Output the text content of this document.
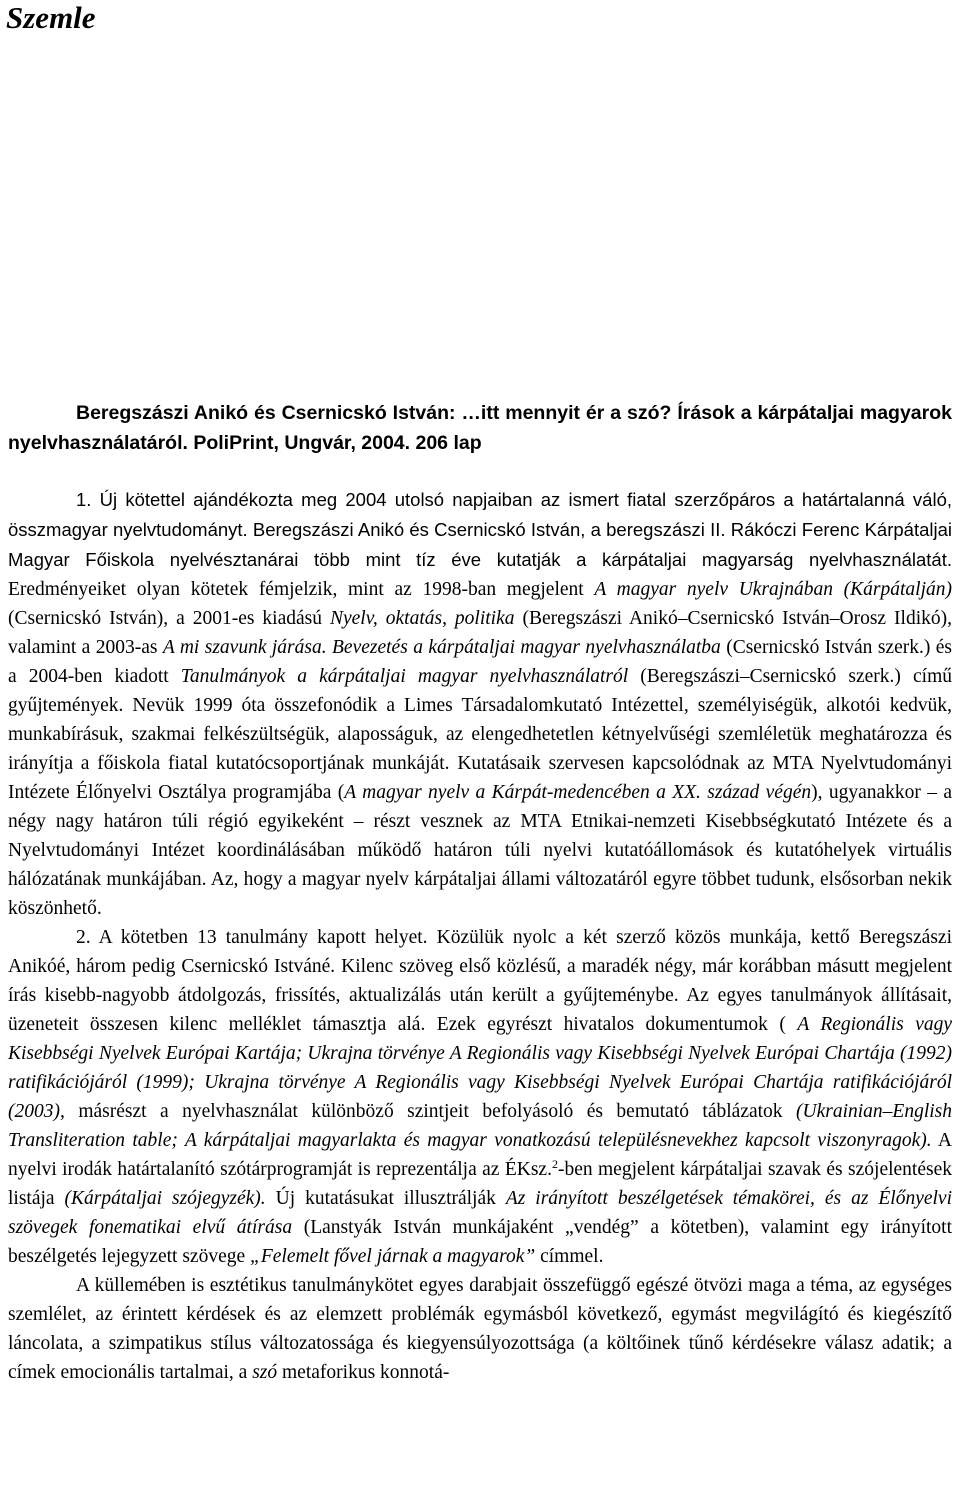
Szemle

Beregszászi Anikó és Csernicskó István: …itt mennyit ér a szó? Írások a kárpátaljai magyarok nyelvhasználatáról. PoliPrint, Ungvár, 2004. 206 lap

1. Új kötettel ajándékozta meg 2004 utolsó napjaiban az ismert fiatal szerzőpáros a határtalanná váló, összmagyar nyelvtudományt. Beregszászi Anikó és Csernicskó István, a beregszászi II. Rákóczi Ferenc Kárpátaljai Magyar Főiskola nyelvésztanárai több mint tíz éve kutatják a kárpátaljai magyarság nyelvhasználatát. Eredményeiket olyan kötetek fémjelzik, mint az 1998-ban megjelent A magyar nyelv Ukrajnában (Kárpátalján) (Csernicskó István), a 2001-es kiadású Nyelv, oktatás, politika (Beregszászi Anikó–Csernicskó István–Orosz Ildikó), valamint a 2003-as A mi szavunk járása. Bevezetés a kárpátaljai magyar nyelvhasználatba (Csernicskó István szerk.) és a 2004-ben kiadott Tanulmányok a kárpátaljai magyar nyelvhasználatról (Beregszászi–Csernicskó szerk.) című gyűjtemények. Nevük 1999 óta összefonódik a Limes Társadalomkutató Intézettel, személyiségük, alkotói kedvük, munkabírásuk, szakmai felkészültségük, alaposságuk, az elengedhetetlen kétnyelvűségi szemléletük meghatározza és irányítja a főiskola fiatal kutatócsoportjának munkáját. Kutatásaik szervesen kapcsolódnak az MTA Nyelvtudományi Intézete Élőnyelvi Osztálya programjába (A magyar nyelv a Kárpát-medencében a XX. század végén), ugyanakkor – a négy nagy határon túli régió egyikeként – részt vesznek az MTA Etnikai-nemzeti Kisebbségkutató Intézete és a Nyelvtudományi Intézet koordinálásában működő határon túli nyelvi kutatóállomások és kutatóhelyek virtuális hálózatának munkájában. Az, hogy a magyar nyelv kárpátaljai állami változatáról egyre többet tudunk, elsősorban nekik köszönhető.

2. A kötetben 13 tanulmány kapott helyet. Közülük nyolc a két szerző közös munkája, kettő Beregszászi Anikóé, három pedig Csernicskó Istváné. Kilenc szöveg első közlésű, a maradék négy, már korábban másutt megjelent írás kisebb-nagyobb átdolgozás, frissítés, aktualizálás után került a gyűjteménybe. Az egyes tanulmányok állításait, üzeneteit összesen kilenc melléklet támasztja alá. Ezek egyrészt hivatalos dokumentumok ( A Regionális vagy Kisebbségi Nyelvek Európai Kartája; Ukrajna törvénye A Regionális vagy Kisebbségi Nyelvek Európai Chartája (1992) ratifikációjáról (1999); Ukrajna törvénye A Regionális vagy Kisebbségi Nyelvek Európai Chartája ratifikációjáról (2003), másrészt a nyelvhasználat különböző szintjeit befolyásoló és bemutató táblázatok (Ukrainian–English Transliteration table; A kárpátaljai magyarlakta és magyar vonatkozású településnevekhez kapcsolt viszonyragok). A nyelvi irodák határtalanító szótárprogramját is reprezentálja az ÉKsz.$^2$-ben megjelent kárpátaljai szavak és szójelentések listája (Kárpátaljai szójegyzék). Új kutatásukat illusztrálják Az irányított beszélgetések témakörei, és az Élőnyelvi szövegek fonematikai elvű átírása (Lanstyák István munkájaként „vendég” a kötetben), valamint egy irányított beszélgetés lejegyzett szövege „Felemelt fővel járnak a magyarok” címmel.

A küllemében is esztétikus tanulmánykötet egyes darabjait összefüggő egészé ötvözi maga a téma, az egységes szemlélet, az érintett kérdések és az elemzett problémák egymásból következő, egymást megvilágító és kiegészítő láncolata, a szimpatikus stílus változatossága és kiegyensúlyozottsága (a költőinek tűnő kérdésekre válasz adatik; a címek emocionális tartalmai, a szó metaforikus konnotá-
